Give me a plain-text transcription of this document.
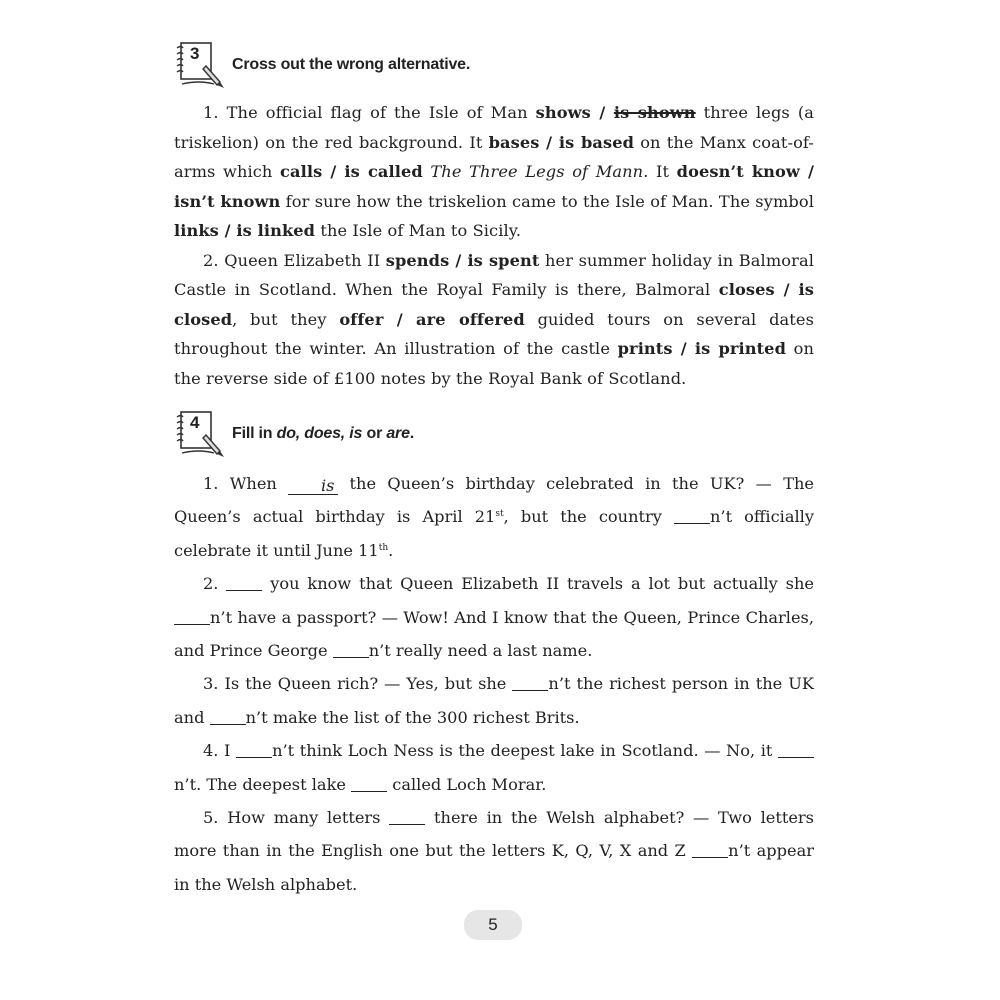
3
Cross out the wrong alternative.

1. The official flag of the Isle of Man shows / is shown three legs (a triskelion) on the red background. It bases / is based on the Manx coat-of-arms which calls / is called The Three Legs of Mann. It doesn’t know / isn’t known for sure how the triskelion came to the Isle of Man. The symbol links / is linked the Isle of Man to Sicily.

2. Queen Elizabeth II spends / is spent her summer holiday in Balmoral Castle in Scotland. When the Royal Family is there, Balmoral closes / is closed, but they offer / are offered guided tours on several dates throughout the winter. An illustration of the castle prints / is printed on the reverse side of £100 notes by the Royal Bank of Scotland.

4
Fill in do, does, is or are.

1. When is the Queen’s birthday celebrated in the UK? — The Queen’s actual birthday is April 21st, but the country n’t officially celebrate it until June 11th.

2.  you know that Queen Elizabeth II travels a lot but actually she n’t have a passport? — Wow! And I know that the Queen, Prince Charles, and Prince George n’t really need a last name.

3. Is the Queen rich? — Yes, but she n’t the richest person in the UK and n’t make the list of the 300 richest Brits.

4. I n’t think Loch Ness is the deepest lake in Scotland. — No, it n’t. The deepest lake  called Loch Morar.

5. How many letters  there in the Welsh alphabet? — Two letters more than in the English one but the letters K, Q, V, X and Z n’t appear in the Welsh alphabet.

5
